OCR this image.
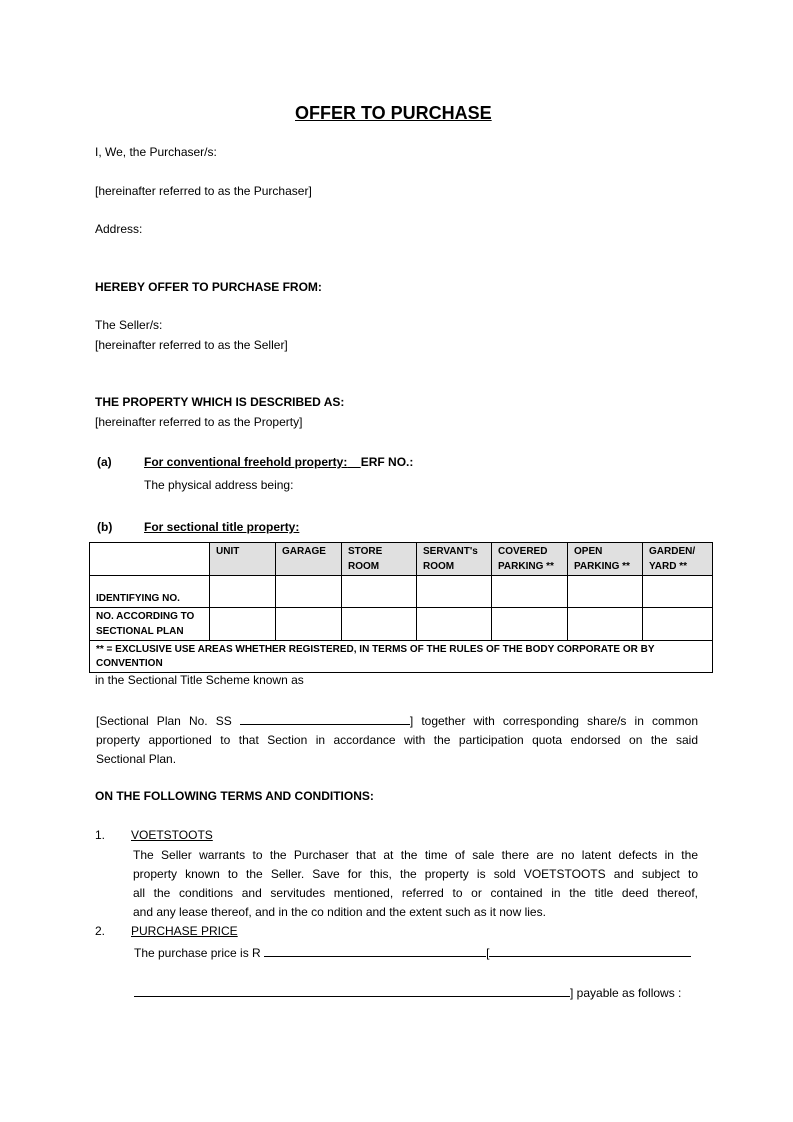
OFFER TO PURCHASE
I, We, the Purchaser/s:
[hereinafter referred to as the Purchaser]
Address:
HEREBY OFFER TO PURCHASE FROM:
The Seller/s:
[hereinafter referred to as the Seller]
THE PROPERTY WHICH IS DESCRIBED AS:
[hereinafter referred to as the Property]
(a)	For conventional freehold property: ERF NO.:
The physical address being:
(b)	For sectional title property:
	UNIT	GARAGE	STORE ROOM	SERVANT's ROOM	COVERED PARKING **	OPEN PARKING **	GARDEN/ YARD **
IDENTIFYING NO.							
NO. ACCORDING TO SECTIONAL PLAN							
** = EXCLUSIVE USE AREAS WHETHER REGISTERED, IN TERMS OF THE RULES OF THE BODY CORPORATE OR BY CONVENTION							
in the Sectional Title Scheme known as
[Sectional Plan No. SS	] together with corresponding share/s in common
property apportioned to that Section in accordance with the participation quota endorsed on the said
Sectional Plan.
ON THE FOLLOWING TERMS AND CONDITIONS:
1. VOETSTOOTS
The Seller warrants to the Purchaser that at the time of sale there are no latent defects in the
property known to the Seller. Save for this, the property is sold VOETSTOOTS and subject to
all the conditions and servitudes mentioned, referred to or contained in the title deed thereof,
and any lease thereof, and in the co ndition and the extent such as it now lies.
2. PURCHASE PRICE
The purchase price is R	[
] payable as follows :
